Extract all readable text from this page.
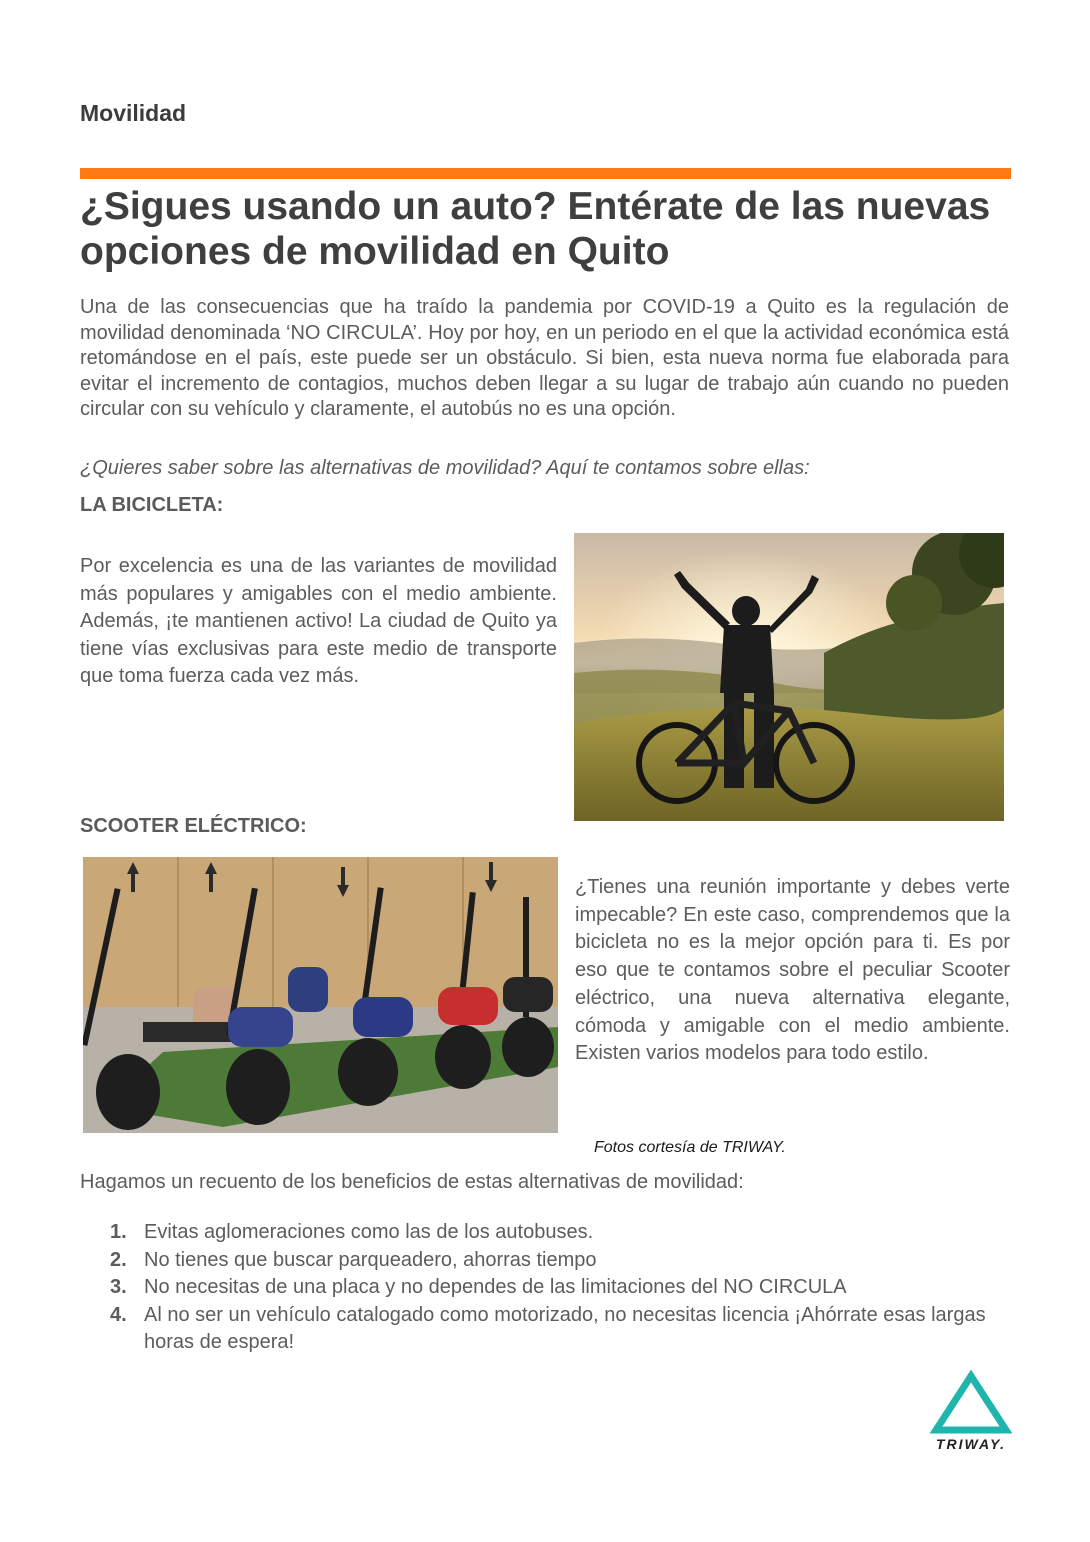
Movilidad
¿Sigues usando un auto? Entérate de las nuevas opciones de movilidad en Quito

Una de las consecuencias que ha traído la pandemia por COVID-19 a Quito es la regulación de movilidad denominada ‘NO CIRCULA’. Hoy por hoy, en un periodo en el que la actividad económica está retomándose en el país, este puede ser un obstáculo. Si bien, esta nueva norma fue elaborada para evitar el incremento de contagios, muchos deben llegar a su lugar de trabajo aún cuando no pueden circular con su vehículo y claramente, el autobús no es una opción.

¿Quieres saber sobre las alternativas de movilidad? Aquí te contamos sobre ellas:

LA BICICLETA:

Por excelencia es una de las variantes de movilidad más populares y amigables con el medio ambiente. Además, ¡te mantienen activo! La ciudad de Quito ya tiene vías exclusivas para este medio de transporte que toma fuerza cada vez más.

SCOOTER ELÉCTRICO:

¿Tienes una reunión importante y debes verte impecable? En este caso, comprendemos que la bicicleta no es la mejor opción para ti. Es por eso que te contamos sobre el peculiar Scooter eléctrico, una nueva alternativa elegante, cómoda y amigable con el medio ambiente. Existen varios modelos para todo estilo.

Fotos cortesía de TRIWAY.

Hagamos un recuento de los beneficios de estas alternativas de movilidad:

1. Evitas aglomeraciones como las de los autobuses.
2. No tienes que buscar parqueadero, ahorras tiempo
3. No necesitas de una placa y no dependes de las limitaciones del NO CIRCULA
4. Al no ser un vehículo catalogado como motorizado, no necesitas licencia ¡Ahórrate esas largas horas de espera!
TRIWAY.
